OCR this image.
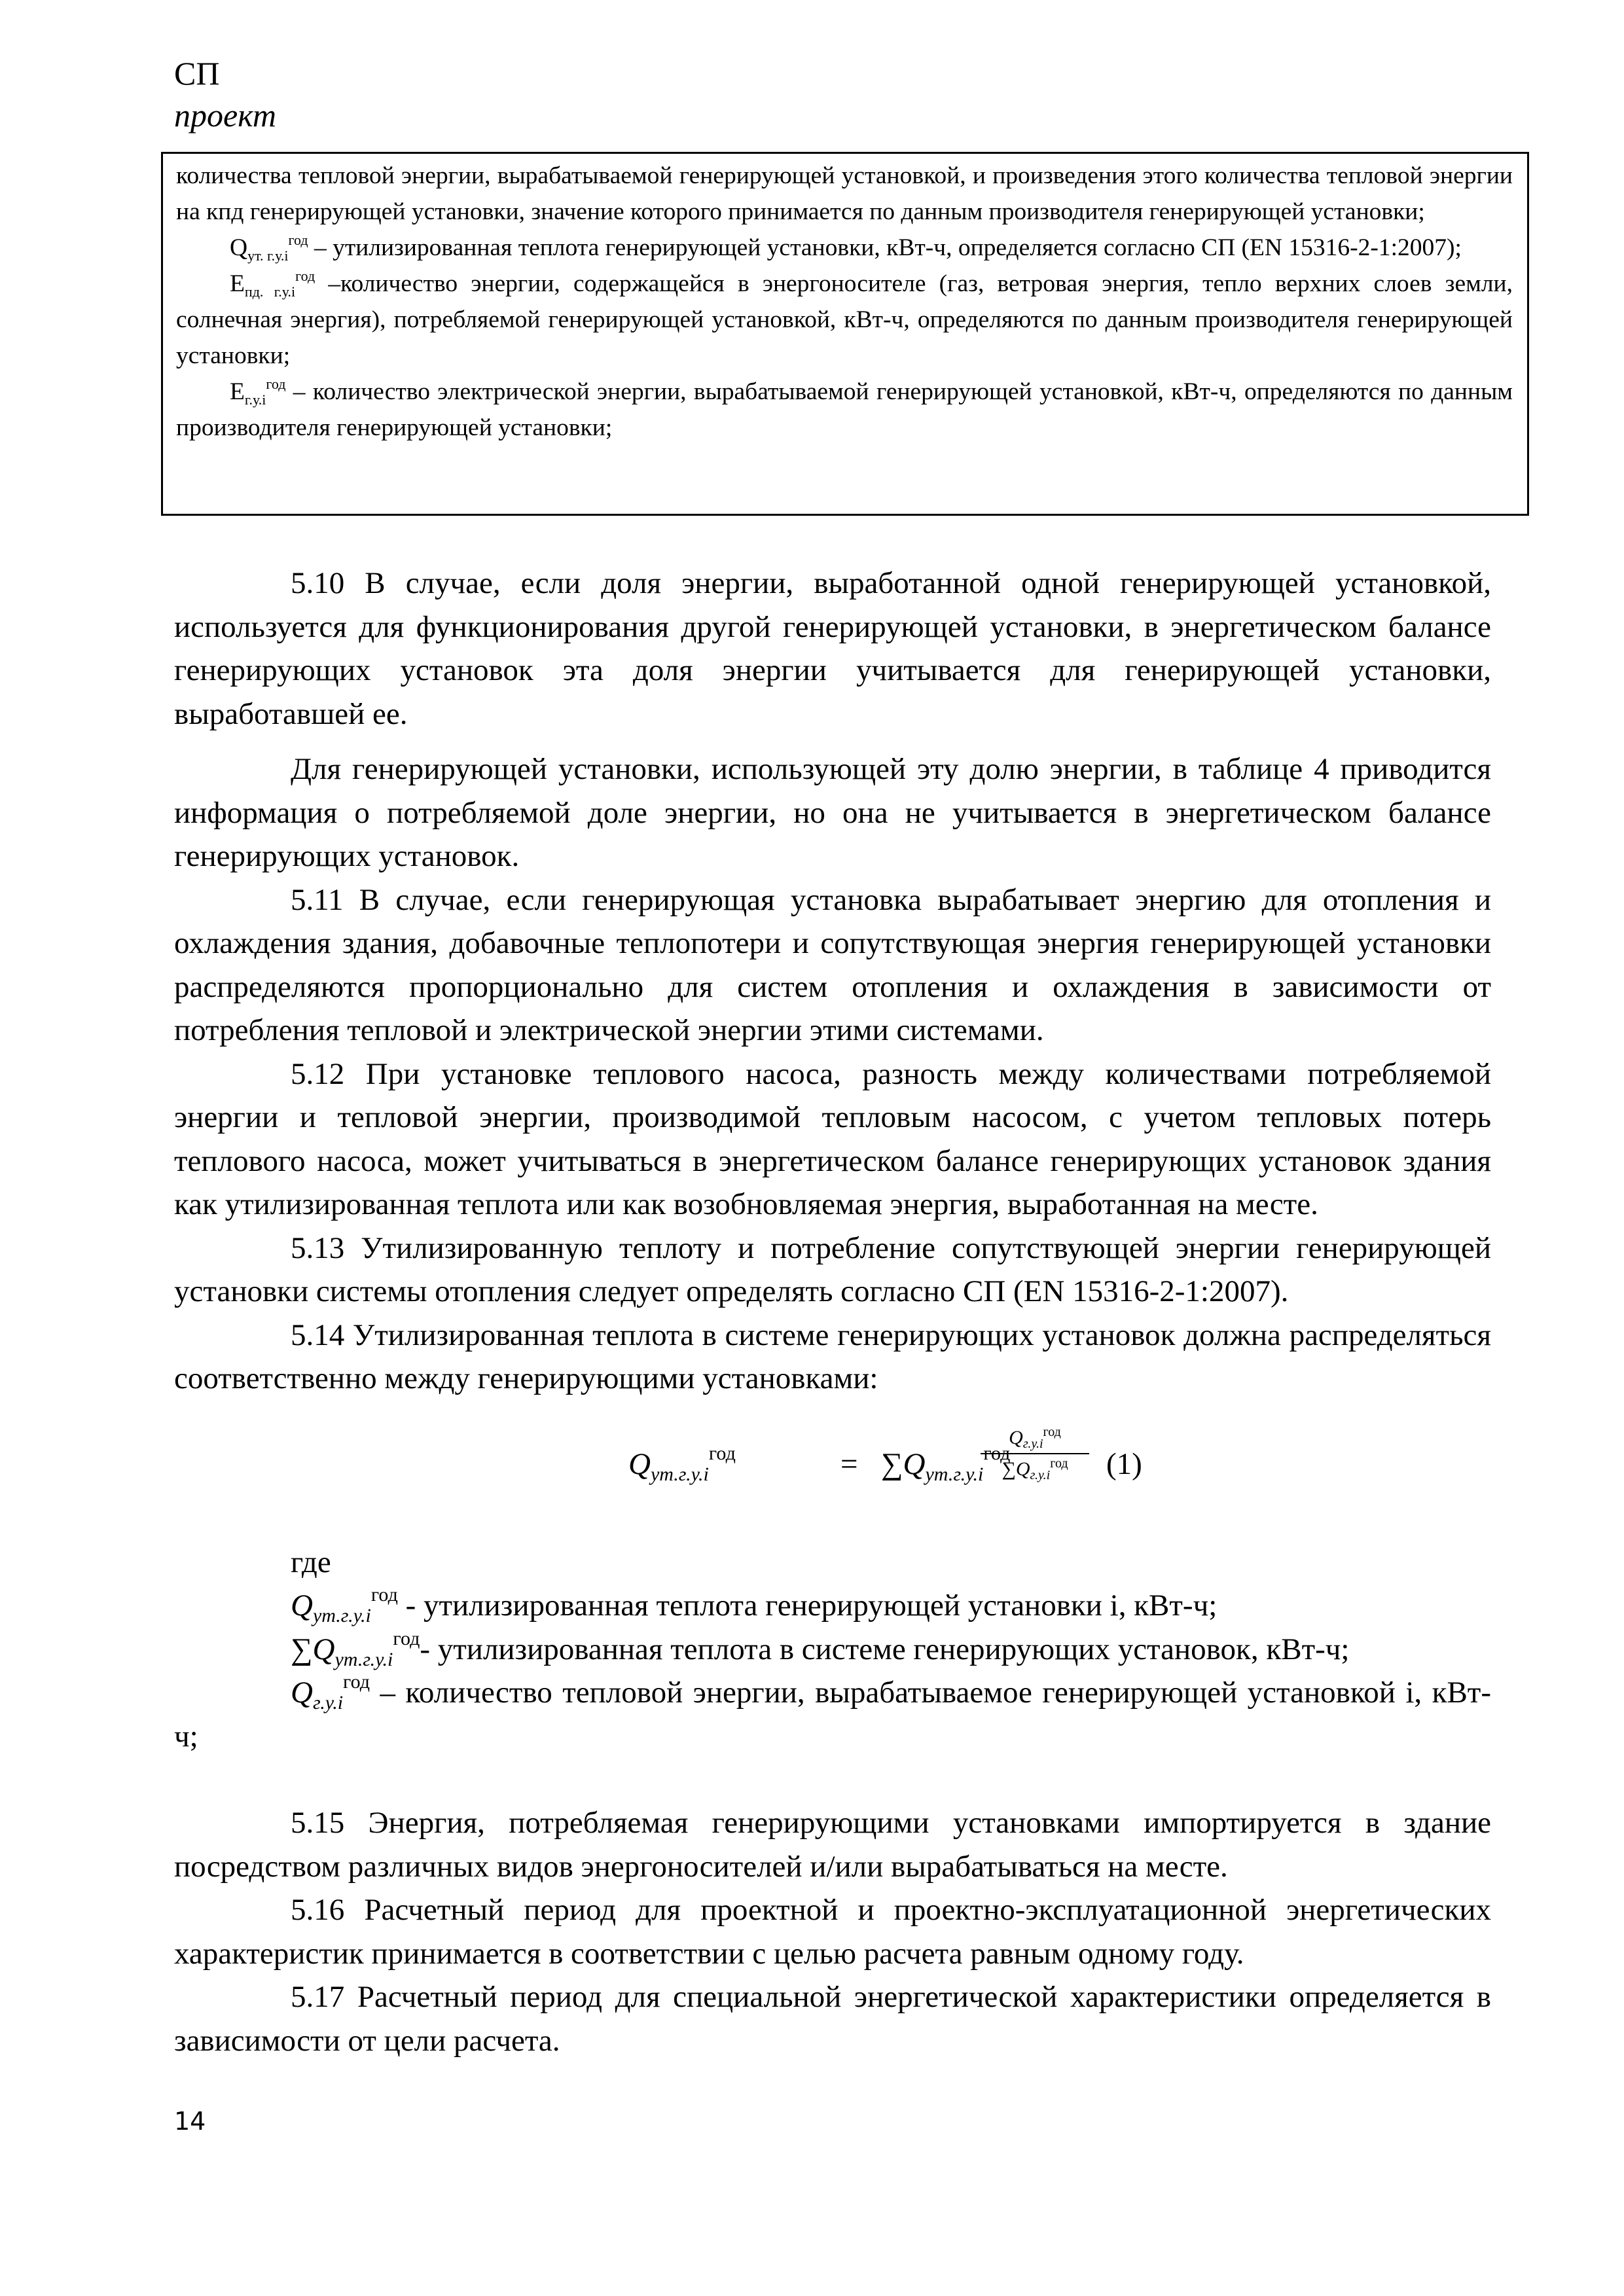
СП
проект

количества тепловой энергии, вырабатываемой генерирующей установкой, и произведения этого количества тепловой энергии на кпд генерирующей установки, значение которого принимается по данным производителя генерирующей установки;

$Q_{ут. г.у.i}^{год}$ – утилизированная теплота генерирующей установки, кВт-ч, определяется согласно СП (EN 15316-2-1:2007);

$E_{пд. г.у.i}^{год}$ –количество энергии, содержащейся в энергоносителе (газ, ветровая энергия, тепло верхних слоев земли, солнечная энергия), потребляемой генерирующей установкой, кВт-ч, определяются по данным производителя генерирующей установки;

$E_{г.у.i}^{год}$ – количество электрической энергии, вырабатываемой генерирующей установкой, кВт-ч, определяются по данным производителя генерирующей установки;

5.10 В случае, если доля энергии, выработанной одной генерирующей установкой, используется для функционирования другой генерирующей установки, в энергетическом балансе генерирующих установок эта доля энергии учитывается для генерирующей установки, выработавшей ее.

Для генерирующей установки, использующей эту долю энергии, в таблице 4 приводится информация о потребляемой доле энергии, но она не учитывается в энергетическом балансе генерирующих установок.

5.11 В случае, если генерирующая установка вырабатывает энергию для отопления и охлаждения здания, добавочные теплопотери и сопутствующая энергия генерирующей установки распределяются пропорционально для систем отопления и охлаждения в зависимости от потребления тепловой и электрической энергии этими системами.

5.12 При установке теплового насоса, разность между количествами потребляемой энергии и тепловой энергии, производимой тепловым насосом, с учетом тепловых потерь теплового насоса, может учитываться в энергетическом балансе генерирующих установок здания как утилизированная теплота или как возобновляемая энергия, выработанная на месте.

5.13 Утилизированную теплоту и потребление сопутствующей энергии генерирующей установки системы отопления следует определять согласно СП (EN 15316-2-1:2007).

5.14 Утилизированная теплота в системе генерирующих установок должна распределяться соответственно между генерирующими установками:

$Q_{ут.г.у.i}^{год}$	= $\sum Q_{ут.г.у.i}^{год}$
$Q_{г.у.i}^{год}$
$\sum Q_{г.у.i}^{год}$	(1)

где

$Q_{ут.г.у.i}^{год}$ - утилизированная теплота генерирующей установки i, кВт-ч;

$\sum Q_{ут.г.у.i}^{год}-$ утилизированная теплота в системе генерирующих установок, кВт-ч;

$Q_{г.у.i}^{год}$ – количество тепловой энергии, вырабатываемое генерирующей установкой i, кВт-ч;

5.15 Энергия, потребляемая генерирующими установками импортируется в здание посредством различных видов энергоносителей и/или вырабатываться на месте.

5.16 Расчетный период для проектной и проектно-эксплуатационной энергетических характеристик принимается в соответствии с целью расчета равным одному году.

5.17 Расчетный период для специальной энергетической характеристики определяется в зависимости от цели расчета.

14
